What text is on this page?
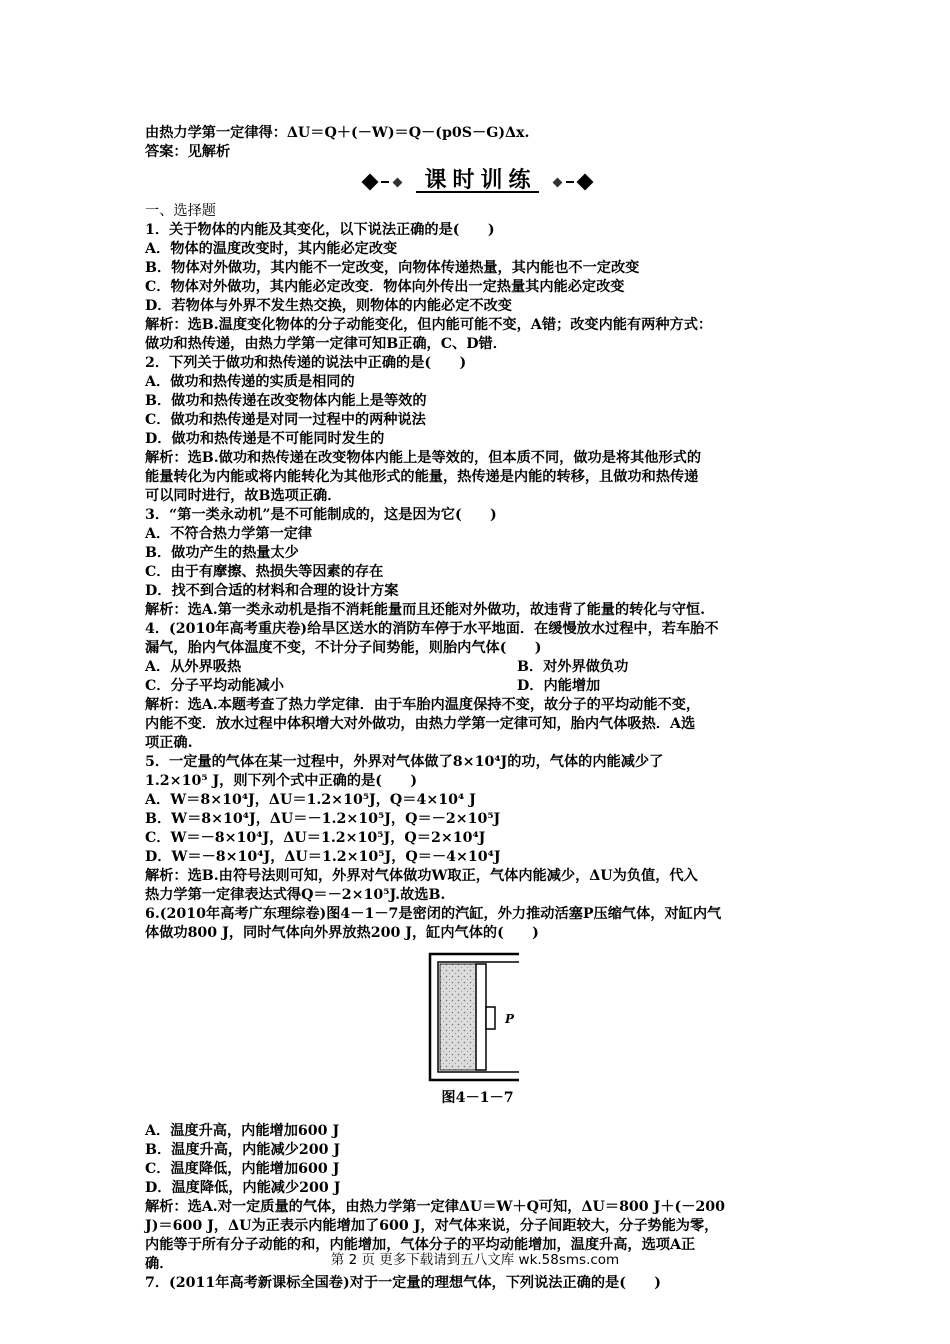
由热力学第一定律得：ΔU＝Q＋(－W)＝Q－(p0S－G)Δx.
答案：见解析
课时训练
一、选择题
1．关于物体的内能及其变化，以下说法正确的是(　　)
A．物体的温度改变时，其内能必定改变
B．物体对外做功，其内能不一定改变，向物体传递热量，其内能也不一定改变
C．物体对外做功，其内能必定改变．物体向外传出一定热量其内能必定改变
D．若物体与外界不发生热交换，则物体的内能必定不改变
解析：选B.温度变化物体的分子动能变化，但内能可能不变，A错；改变内能有两种方式：
做功和热传递，由热力学第一定律可知B正确，C、D错．
2．下列关于做功和热传递的说法中正确的是(　　)
A．做功和热传递的实质是相同的
B．做功和热传递在改变物体内能上是等效的
C．做功和热传递是对同一过程中的两种说法
D．做功和热传递是不可能同时发生的
解析：选B.做功和热传递在改变物体内能上是等效的，但本质不同，做功是将其他形式的
能量转化为内能或将内能转化为其他形式的能量，热传递是内能的转移，且做功和热传递
可以同时进行，故B选项正确．
3．“第一类永动机”是不可能制成的，这是因为它(　　)
A．不符合热力学第一定律
B．做功产生的热量太少
C．由于有摩擦、热损失等因素的存在
D．找不到合适的材料和合理的设计方案
解析：选A.第一类永动机是指不消耗能量而且还能对外做功，故违背了能量的转化与守恒.
4．(2010年高考重庆卷)给旱区送水的消防车停于水平地面．在缓慢放水过程中，若车胎不
漏气，胎内气体温度不变，不计分子间势能，则胎内气体(　　)
A．从外界吸热	B．对外界做负功
C．分子平均动能减小	D．内能增加
解析：选A.本题考查了热力学定律．由于车胎内温度保持不变，故分子的平均动能不变，
内能不变．放水过程中体积增大对外做功，由热力学第一定律可知，胎内气体吸热．A选
项正确.
5．一定量的气体在某一过程中，外界对气体做了8×10⁴J的功，气体的内能减少了
1.2×10⁵ J，则下列个式中正确的是(　　)
A．W＝8×10⁴J，ΔU＝1.2×10⁵J，Q＝4×10⁴ J
B．W＝8×10⁴J，ΔU＝－1.2×10⁵J，Q＝－2×10⁵J
C．W＝－8×10⁴J，ΔU＝1.2×10⁵J，Q＝2×10⁴J
D．W＝－8×10⁴J，ΔU＝1.2×10⁵J，Q＝－4×10⁴J
解析：选B.由符号法则可知，外界对气体做功W取正，气体内能减少，ΔU为负值，代入
热力学第一定律表达式得Q＝－2×10⁵J.故选B.
6.(2010年高考广东理综卷)图4－1－7是密闭的汽缸，外力推动活塞P压缩气体，对缸内气
体做功800 J，同时气体向外界放热200 J，缸内气体的(　　)
P
图4－1－7
A．温度升高，内能增加600 J
B．温度升高，内能减少200 J
C．温度降低，内能增加600 J
D．温度降低，内能减少200 J
解析：选A.对一定质量的气体，由热力学第一定律ΔU＝W＋Q可知，ΔU＝800 J＋(－200
J)＝600 J，ΔU为正表示内能增加了600 J，对气体来说，分子间距较大，分子势能为零，
内能等于所有分子动能的和，内能增加，气体分子的平均动能增加，温度升高，选项A正
确．
7．(2011年高考新课标全国卷)对于一定量的理想气体，下列说法正确的是(　　)
第 2 页 更多下载请到五八文库 wk.58sms.com
